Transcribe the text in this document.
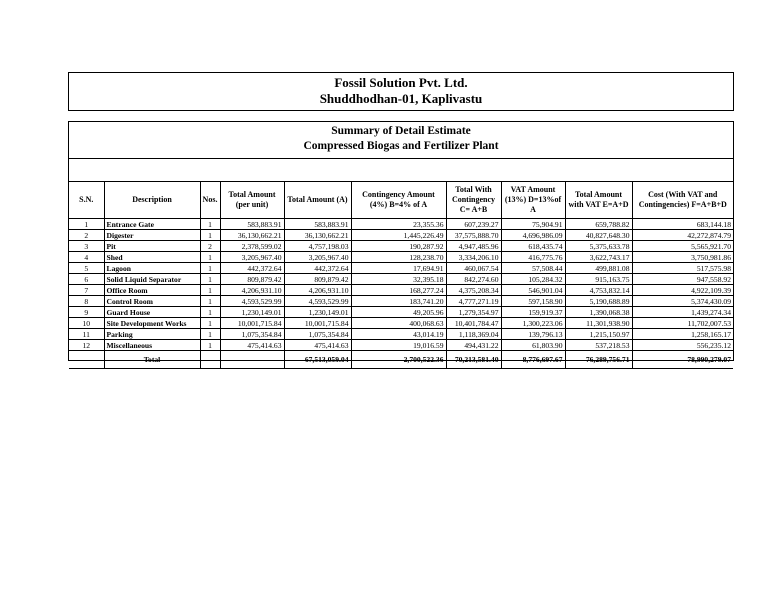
Fossil Solution Pvt. Ltd.
Shuddhodhan-01, Kaplivastu
Summary of Detail Estimate
Compressed Biogas and Fertilizer Plant
S.N.	Description	Nos.	Total Amount (per unit)	Total Amount (A)	Contingency Amount (4%) B=4% of A	Total With Contingency C= A+B	VAT Amount (13%) D=13%of A	Total Amount with VAT E=A+D	Cost (With VAT and Contingencies) F=A+B+D
1	Entrance Gate	1	583,883.91	583,883.91	23,355.36	607,239.27	75,904.91	659,788.82	683,144.18
2	Digester	1	36,130,662.21	36,130,662.21	1,445,226.49	37,575,888.70	4,696,986.09	40,827,648.30	42,272,874.79
3	Pit	2	2,378,599.02	4,757,198.03	190,287.92	4,947,485.96	618,435.74	5,375,633.78	5,565,921.70
4	Shed	1	3,205,967.40	3,205,967.40	128,238.70	3,334,206.10	416,775.76	3,622,743.17	3,750,981.86
5	Lagoon	1	442,372.64	442,372.64	17,694.91	460,067.54	57,508.44	499,881.08	517,575.98
6	Solid Liquid Separator	1	809,879.42	809,879.42	32,395.18	842,274.60	105,284.32	915,163.75	947,558.92
7	Office Room	1	4,206,931.10	4,206,931.10	168,277.24	4,375,208.34	546,901.04	4,753,832.14	4,922,109.39
8	Control Room	1	4,593,529.99	4,593,529.99	183,741.20	4,777,271.19	597,158.90	5,190,688.89	5,374,430.09
9	Guard House	1	1,230,149.01	1,230,149.01	49,205.96	1,279,354.97	159,919.37	1,390,068.38	1,439,274.34
10	Site Development Works	1	10,001,715.84	10,001,715.84	400,068.63	10,401,784.47	1,300,223.06	11,301,938.90	11,702,007.53
11	Parking	1	1,075,354.84	1,075,354.84	43,014.19	1,118,369.04	139,796.13	1,215,150.97	1,258,165.17
12	Miscellaneous	1	475,414.63	475,414.63	19,016.59	494,431.22	61,803.90	537,218.53	556,235.12
	Total			67,513,059.04	2,700,522.36	70,213,581.40	8,776,697.67	76,289,756.71	78,990,279.07
